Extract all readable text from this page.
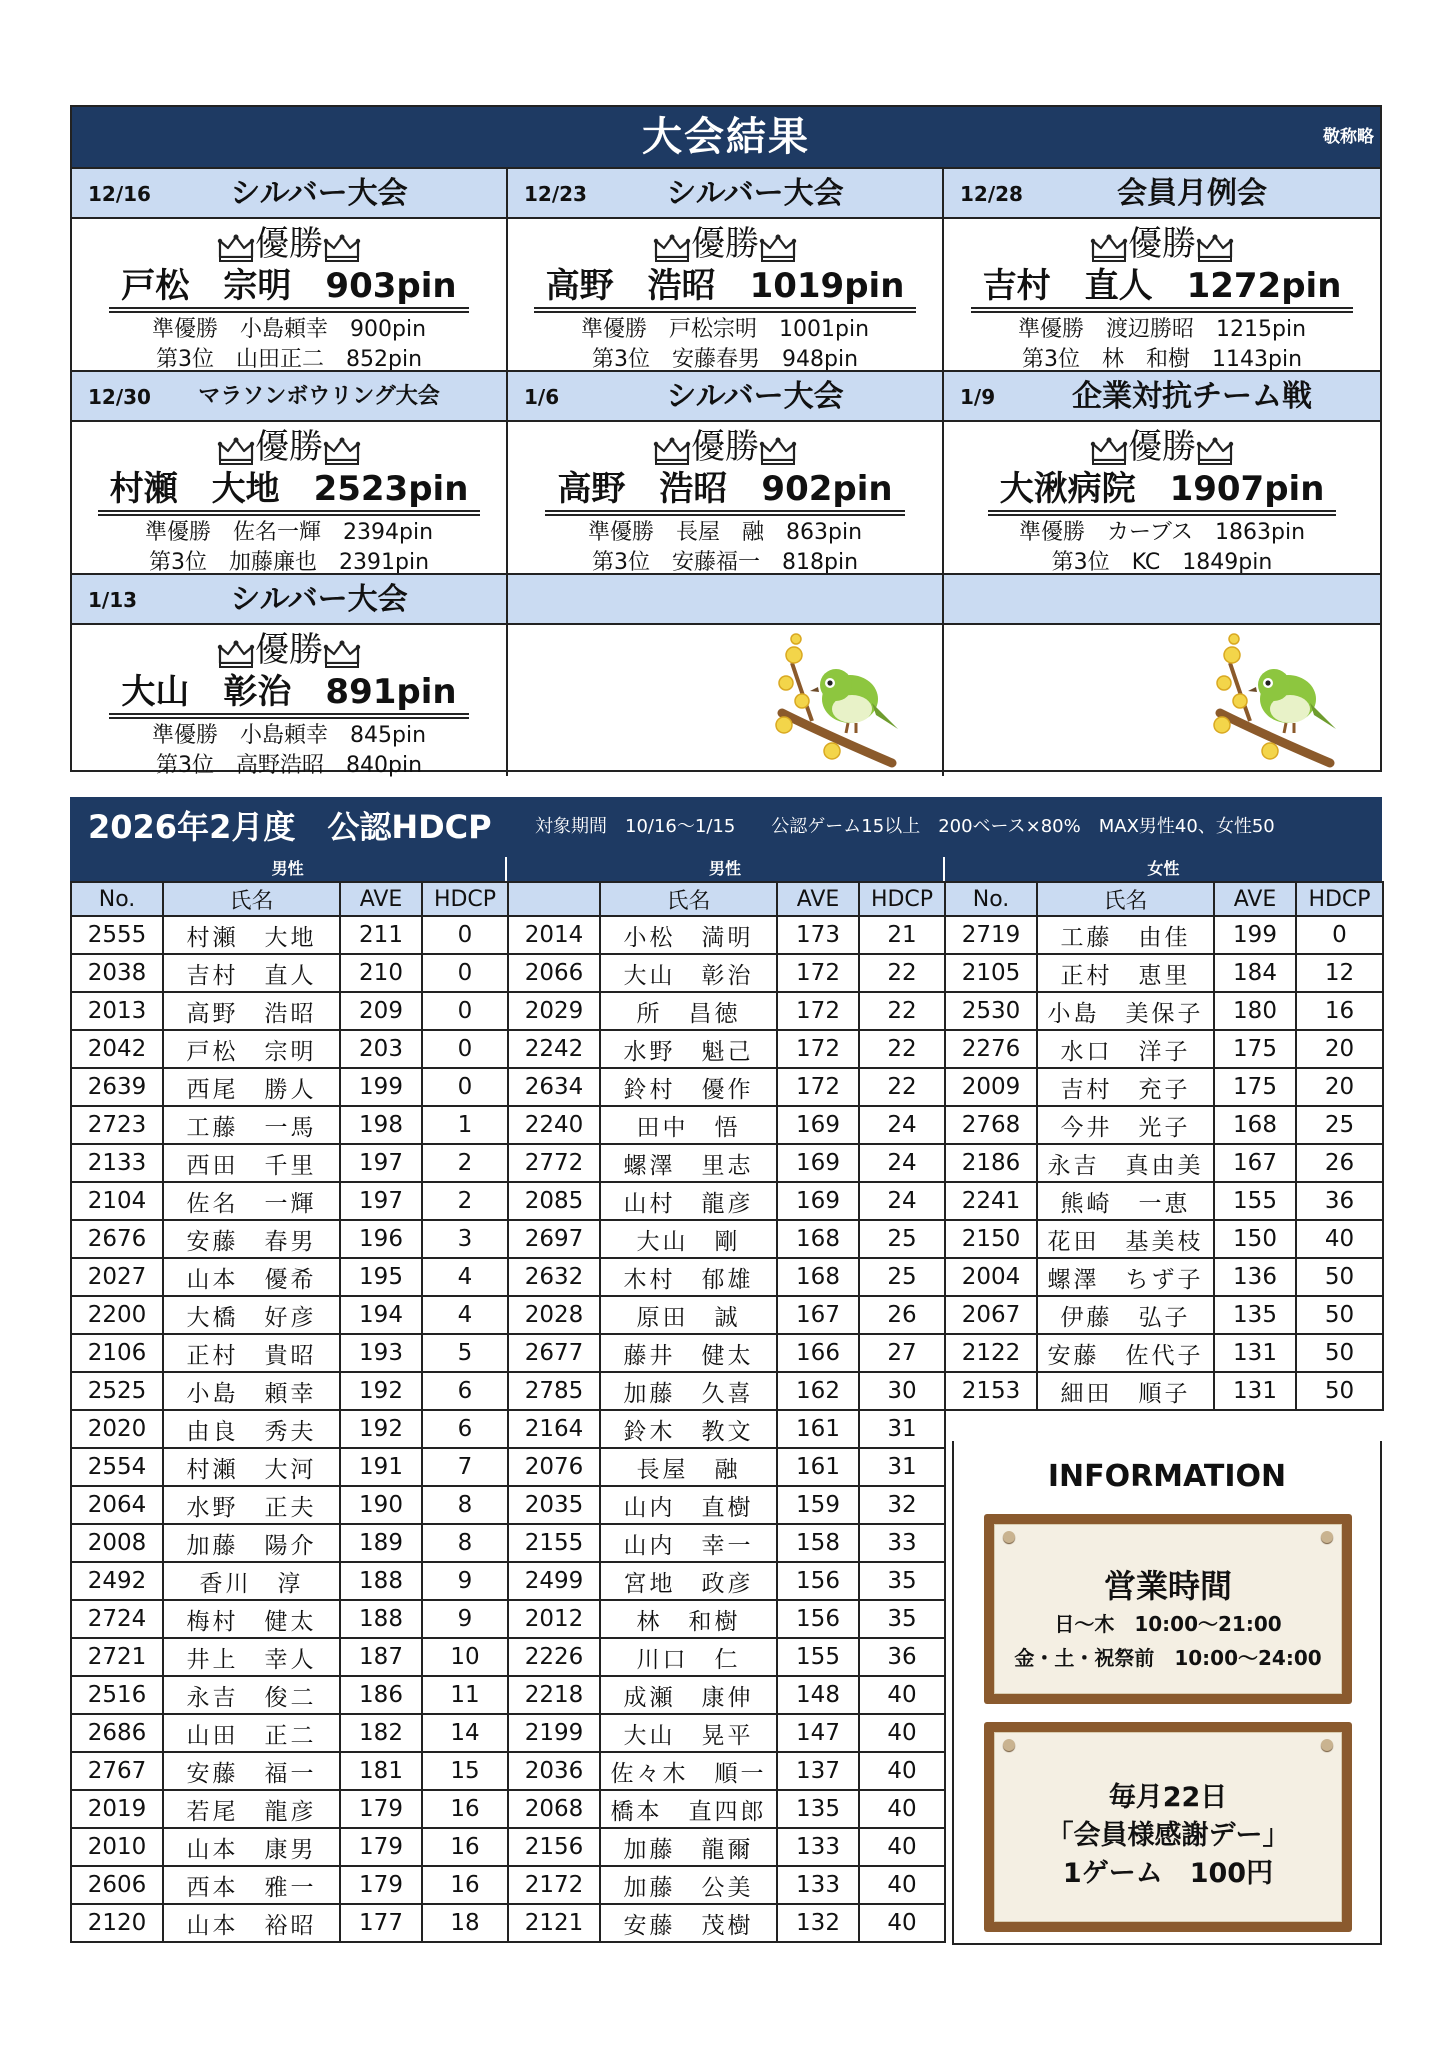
大会結果	敬称略
12/16	シルバー大会
優勝
戸松　宗明　903pin
準優勝　 小島頼幸　 900pin
第3位　 山田正二　 852pin
12/23	シルバー大会
優勝
高野　浩昭　1019pin
準優勝　 戸松宗明　 1001pin
第3位　 安藤春男　 948pin
12/28	会員月例会
優勝
吉村　直人　1272pin
準優勝　 渡辺勝昭　 1215pin
第3位　 林　和樹　 1143pin
12/30	マラソンボウリング大会
優勝
村瀬　大地　2523pin
準優勝　 佐名一輝　 2394pin
第3位　 加藤廉也　 2391pin
1/6	シルバー大会
優勝
高野　浩昭　902pin
準優勝　 長屋　融　 863pin
第3位　 安藤福一　 818pin
1/9	企業対抗チーム戦
優勝
大湫病院　1907pin
準優勝　 カーブス　 1863pin
第3位　 KC　 1849pin
1/13	シルバー大会
優勝
大山　彰治　891pin
準優勝　 小島頼幸　 845pin
第3位　 高野浩昭　 840pin
2026年2月度　公認HDCP 対象期間　10/16～1/15　　公認ゲーム15以上　200ベース×80%　MAX男性40、女性50
男性	男性	女性
No.	氏名	AVE	HDCP		氏名	AVE	HDCP	No.	氏名	AVE	HDCP
2555	村瀬　大地	211	0	2014	小松　満明	173	21	2719	工藤　由佳	199	0
2038	吉村　直人	210	0	2066	大山　彰治	172	22	2105	正村　恵里	184	12
2013	高野　浩昭	209	0	2029	所　昌徳	172	22	2530	小島　美保子	180	16
2042	戸松　宗明	203	0	2242	水野　魁己	172	22	2276	水口　洋子	175	20
2639	西尾　勝人	199	0	2634	鈴村　優作	172	22	2009	吉村　充子	175	20
2723	工藤　一馬	198	1	2240	田中　悟	169	24	2768	今井　光子	168	25
2133	西田　千里	197	2	2772	螺澤　里志	169	24	2186	永吉　真由美	167	26
2104	佐名　一輝	197	2	2085	山村　龍彦	169	24	2241	熊崎　一恵	155	36
2676	安藤　春男	196	3	2697	大山　剛	168	25	2150	花田　基美枝	150	40
2027	山本　優希	195	4	2632	木村　郁雄	168	25	2004	螺澤　ちず子	136	50
2200	大橋　好彦	194	4	2028	原田　誠	167	26	2067	伊藤　弘子	135	50
2106	正村　貴昭	193	5	2677	藤井　健太	166	27	2122	安藤　佐代子	131	50
2525	小島　頼幸	192	6	2785	加藤　久喜	162	30	2153	細田　順子	131	50
2020	由良　秀夫	192	6	2164	鈴木　教文	161	31				
2554	村瀬　大河	191	7	2076	長屋　融	161	31				
2064	水野　正夫	190	8	2035	山内　直樹	159	32				
2008	加藤　陽介	189	8	2155	山内　幸一	158	33				
2492	香川　淳	188	9	2499	宮地　政彦	156	35				
2724	梅村　健太	188	9	2012	林　和樹	156	35				
2721	井上　幸人	187	10	2226	川口　仁	155	36				
2516	永吉　俊二	186	11	2218	成瀬　康伸	148	40				
2686	山田　正二	182	14	2199	大山　晃平	147	40				
2767	安藤　福一	181	15	2036	佐々木　順一	137	40				
2019	若尾　龍彦	179	16	2068	橋本　直四郎	135	40				
2010	山本　康男	179	16	2156	加藤　龍爾	133	40				
2606	西本　雅一	179	16	2172	加藤　公美	133	40				
2120	山本　裕昭	177	18	2121	安藤　茂樹	132	40				
INFORMATION
営業時間
日～木　10:00～21:00
金・土・祝祭前　10:00～24:00
毎月22日
「会員様感謝デー」
1ゲーム　100円
